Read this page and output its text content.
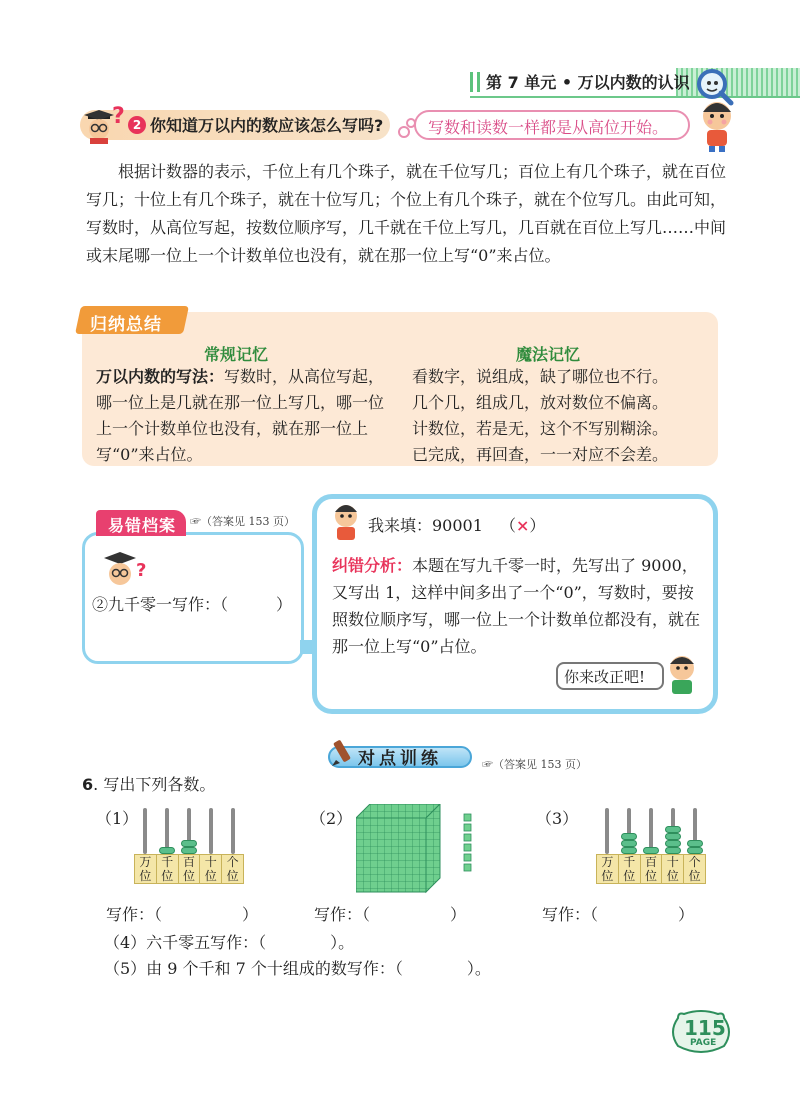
第 7 单元 • 万以内数的认识
? 2 你知道万以内的数应该怎么写吗?	写数和读数一样都是从高位开始。
根据计数器的表示，千位上有几个珠子，就在千位写几；百位上有几个珠子，就在百位写几；十位上有几个珠子，就在十位写几；个位上有几个珠子，就在个位写几。由此可知，写数时，从高位写起，按数位顺序写，几千就在千位上写几，几百就在百位上写几……中间或末尾哪一位上一个计数单位也没有，就在那一位上写“0”来占位。
归纳总结
常规记忆	魔法记忆
万以内数的写法：写数时，从高位写起，哪一位上是几就在那一位上写几，哪一位上一个计数单位也没有，就在那一位上写“0”来占位。
看数字，说组成，缺了哪位也不行。
几个几，组成几，放对数位不偏离。
计数位，若是无，这个不写别糊涂。
已完成，再回查，一一对应不会差。
易错档案 ☞（答案见 153 页）
?
②九千零一写作：（　　　）
我来填：90001 （×）
纠错分析：本题在写九千零一时，先写出了 9000，又写出 1，这样中间多出了一个“0”，写数时，要按照数位顺序写，哪一位上一个计数单位都没有，就在那一位上写“0”占位。
你来改正吧!
对点训练	☞（答案见 153 页）
6. 写出下列各数。
（1）	（2）	（3）
万
位
千
位
百
位
十
位
个
位
万
位
千
位
百
位
十
位
个
位
写作：（　　　　　）	写作：（　　　　　）	写作：（　　　　　）
（4）六千零五写作：（　　　　）。
（5）由 9 个千和 7 个十组成的数写作：（　　　　）。
115
PAGE
